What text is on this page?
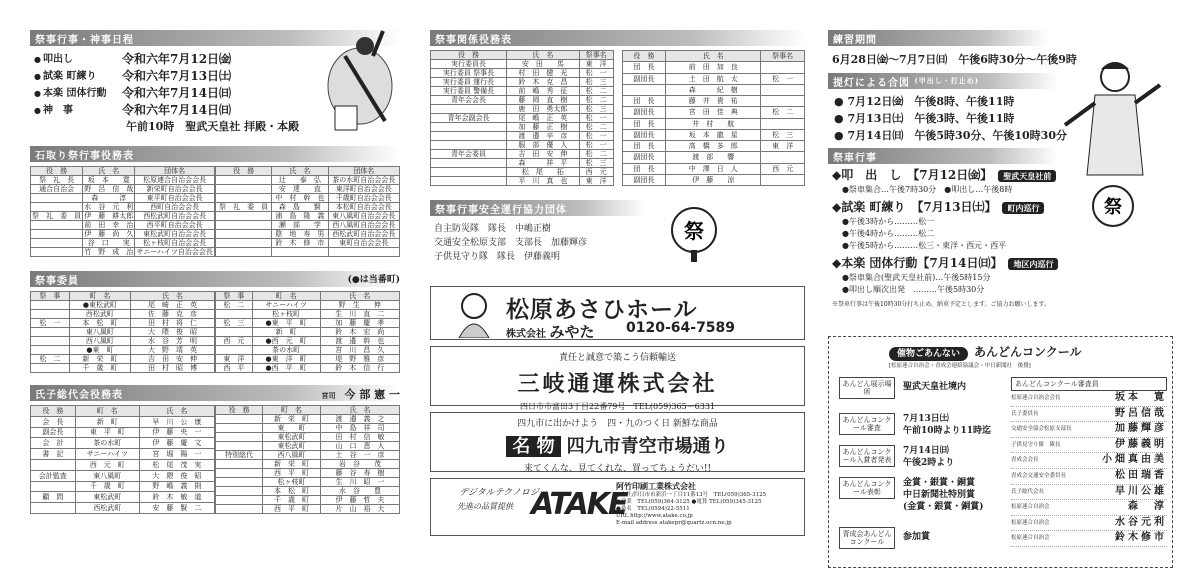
祭事行事・神事日程
● 叩出し	令和六年7月12日㈮
● 試楽 町練り	令和六年7月13日㈯
● 本楽 団体行動	令和六年7月14日㈰
● 神　事	令和六年7月14日㈰
午前10時　聖武天皇社 拝殿・本殿
石取り祭行事役務表
役　務	氏　名	団体名
祭　礼　長	坂　本　　寛	松原連合自治会会長
通合自治会	野　呂　信　哉	新栄町自治会会長
	森　　　淳	東平町自治会会長
	水　谷　元　利	西町自治会会長
祭　礼　委　員	伊　藤　耕太郎	西松武町自治会会長
	前　田　幸　治	西平町自治会会長
	伊　藤　尚　久	東松武町自治会会長
	谷　口　　実	松ヶ枝町自治会会長
	竹　野　成　治	サニーハイツ自治会会長
役　務	氏　名	団体名
	辻　　泰　弘	茶の水町自治会会長
	安　達　　直	東洋町自治会会長
	中　村　幹　也	千歳町自治会会長
祭　礼　委　員	森　島　　賢	本松町自治会会長
	浦　島　隆　義	東八風町自治会会長
	瀬　部　　学	西八風町自治会会長
	陰　地　寿　男	西松武町自治会会長
	鈴　木　修　市	東町自治会会長

祭事委員	(●は当番町)
祭　事	町　名	氏　名
	●東松武町	尾　崎　正　英
	西松武町	佐　藤　克　彦
松　一	本　松　町	田　村　将　仁
	東八風町	大　隈　俊　昭
	西八風町	水　谷　芳　明
	●東　町	大　野　靖　英
松　二	新　栄　町	吉　田　安　伸
	千　歳　町	田　村　昭　博
祭　事	町　名	氏　名
松　二	サニーハイツ	野　生　　伸
	松ヶ枝町	生　川　直　二
松　三	●東　平　町	加　藤　慶　孝
	新　町	鈴　木　宏　尚
西　元	●西　元　町	渡　邉　幹　也
	茶の水町	宮　川　昌　久
東　洋	●東　洋　町	堤　野　雅　彦
西　平	●西　平　町	鈴　木　信　行
氏子総代会役務表	宮司　 今 部 憲 一
役　務	町　名	氏　名
会　長	新　町	早　川　公　康
副会長	東　平　町	伊　藤　央　一
会　計	茶の水町	伊　藤　慶　文
書　記	サニーハイツ	宮　堀　陽　一
	西　元　町	松　尾　茂　実
会計監査	東八風町	大　隈　俊　昭
	千　歳　町	野　嶋　義　則
顧　問	東松武町	鈴　木　敏　道
	西松武町	安　藤　賢　二
役　務	町　名	氏　名
	新　栄　町	渡　邉　義　之
	東　　町	中　島　祥　司
	東松武町	田　村　信　敏
	東松武町	山　口　恵　人
特別総代	西八風町	土　谷　一　彦
	新　栄　町	岩　谷　　茂
	西　平　町	藤　谷　寿　樹
	松ヶ枝町	生　川　昭　一
	本　松　町	水　谷　　豊
	千　歳　町	伊　藤　哲　夫
	西　平　町	片　山　裕　大
祭事関係役務表
役　務	氏　名	祭事名
実行委員長	安　田　　馬	東　洋
実行委員 祭事長	村　田　健　光	松　一
実行委員 運行長	鈴　木　克　昌	松　三
実行委員 警備長	前　嶋　秀　征	松　二
青年会会長	藤　岡　直　樹	松　二
	鹿　田　勇太郎	松　三
青年会副会長	尾　嶋　正　英	松　一
	加　藤　正　樹	松　二
	渡　邉　辛　彦	松　一
	服　部　優　人	松　一
青年会委員	吉　田　安　伸	松　二
	森　　　祥　平	松　三
	松　尾　　拓	西　元
	平　川　真　也	東　洋
役　務	氏　名	祭事名
団　長	前　田　加　良	
副団長	土　田　航　太	松　一
	森　　　紀　樹	
団　長	藤　井　貴　祐	
副団長	宮　田　佳　典	松　二
団　長	井　村　　航	
副団長	坂　本　龍　星	松　三
団　長	高　橋　多　郎	東　洋
副団長	渡　部　　響	
団　長	中　澤　日　人	西　元
副団長	伊　藤　　涼	
祭事行事安全運行協力団体
自主防災隊　隊長　中嶋正樹
交通安全松原支部　支部長　加藤輝彦
子供見守り隊　隊長　伊藤義明
祭
松原あさひホール
株式会社 みやた	0120-64-7589
責任と誠意で築こう信頼輸送
三岐通運株式会社
四日市市富田3丁目22番79号　TEL(059)365－6331
四九市に出かけよう　四・九のつく日 新鮮な商品
名 物 四九市青空市場通り
来てくんな、見てくれな、買ってちょうだい!!
デジタルテクノロジー
先進の品質提供 ATAKE
阿竹印刷工業株式会社
●本社/四日市市新浜一丁目11番13号　TEL(059)365-3125
●営業　TEL(059)364-3125 ●電算 TEL(059)345-3125
●桑名　TEL(0594)22-5511
URL http://www.atake.co.jp
E-mail address atakepr@quartz.ocn.ne.jp
練習期間
6月28日㈮～7月7日㈰　午後6時30分～午後9時
提灯による合図
(甲出し・打止め)
● 7月12日㈮　午後8時、午後11時
● 7月13日㈯　午後3時、午後11時
● 7月14日㈰　午後5時30分、午後10時30分
祭車行事
◆叩　出　し　【7月12日㈮】 聖武天皇社前
●祭車集合…午後7時30分　●叩出し…午後8時
◆試楽 町練り　【7月13日㈯】 町内巡行
●午後3時から………松一
●午後4時から………松二
●午後5時から………松三・東洋・西元・西平
◆本楽 団体行動【7月14日㈰】 地区内巡行
●祭車集合(聖武天皇社前)…午後5時15分
●叩出し順次出発　………午後5時30分
※祭車行事は午後10時30分打ち止め、納車予定とします。ご協力お願いします。
祭
催物ごあんない あんどんコンクール
[松原連合自治会・青成会連絡協議会・中日新聞社　後援]
あんどん展示場所	聖武天皇社境内
あんどんコンクール審査
7月13日㈯
午前10時より11時迄
あんどんコンクール入賞者発表
7月14日㈰
午後2時より
あんどんコンクール表彰
金賞・銀賞・銅賞
中日新聞社特別賞
(金賞・銀賞・銅賞)
青成会あんどんコンクール	参加賞
あんどんコンクール審査員
松原連合自治会会長	坂本　寛
氏子委員長	野呂信哉
交通安全協会松原支部長	加藤輝彦
子供見守り隊　隊長	伊藤義明
青成会会長	小畑真由美
青成会交通安全委員長	松田瑞香
氏子総代会長	早川公雄
松原連合自治会	森　淳
松原連合自治会	水谷元利
松原連合自治会	鈴木修市
